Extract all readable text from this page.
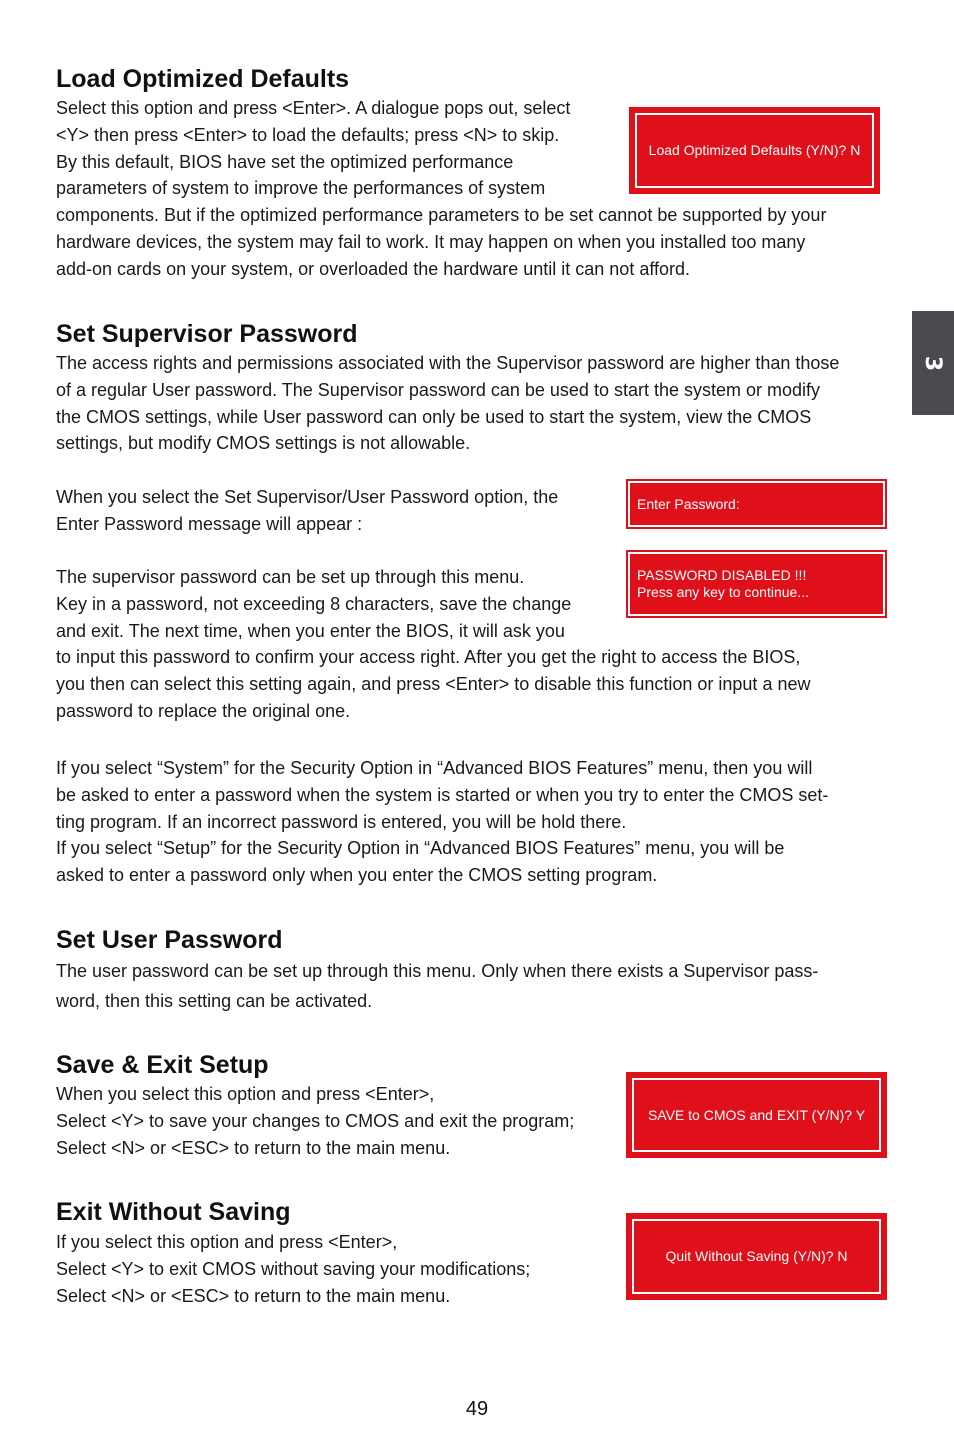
3
Load Optimized Defaults
Select this option and press <Enter>. A dialogue pops out, select
<Y> then press <Enter> to load the defaults; press <N> to skip.
By this default, BIOS have set the optimized performance
parameters of system to improve the performances of system
components. But if the optimized performance parameters to be set cannot be supported by your
hardware devices, the system may fail to work. It may happen on when you installed too many
add-on cards on your system, or overloaded the hardware until it can not afford.
Load Optimized Defaults (Y/N)? N
Set Supervisor Password
The access rights and permissions associated with the Supervisor password are higher than those
of a regular User password. The Supervisor password can be used to start the system or modify
the CMOS settings, while User password can only be used to start the system, view the CMOS
settings, but modify CMOS settings is not allowable.
When you select the Set Supervisor/User Password option, the
Enter Password message will appear :
Enter Password:
The supervisor password can be set up through this menu.
Key in a password, not exceeding 8 characters, save the change
and exit. The next time, when you enter the BIOS, it will ask you
to input this password to confirm your access right. After you get the right to access the BIOS,
you then can select this setting again, and press <Enter> to disable this function or input a new
password to replace the original one.
PASSWORD DISABLED !!!
Press any key to continue...
If you select “System” for the Security Option in “Advanced BIOS Features” menu, then you will
be asked to enter a password when the system is started or when you try to enter the CMOS set-
ting program. If an incorrect password is entered, you will be hold there.
If you select “Setup” for the Security Option in “Advanced BIOS Features” menu, you will be
asked to enter a password only when you enter the CMOS setting program.
Set User Password
The user password can be set up through this menu. Only when there exists a Supervisor pass-
word, then this setting can be activated.
Save & Exit Setup
When you select this option and press <Enter>,
Select <Y> to save your changes to CMOS and exit the program;
Select <N> or <ESC> to return to the main menu.
SAVE to CMOS and EXIT (Y/N)? Y
Exit Without Saving
If you select this option and press <Enter>,
Select <Y> to exit CMOS without saving your modifications;
Select <N> or <ESC> to return to the main menu.
Quit Without Saving (Y/N)? N
49
